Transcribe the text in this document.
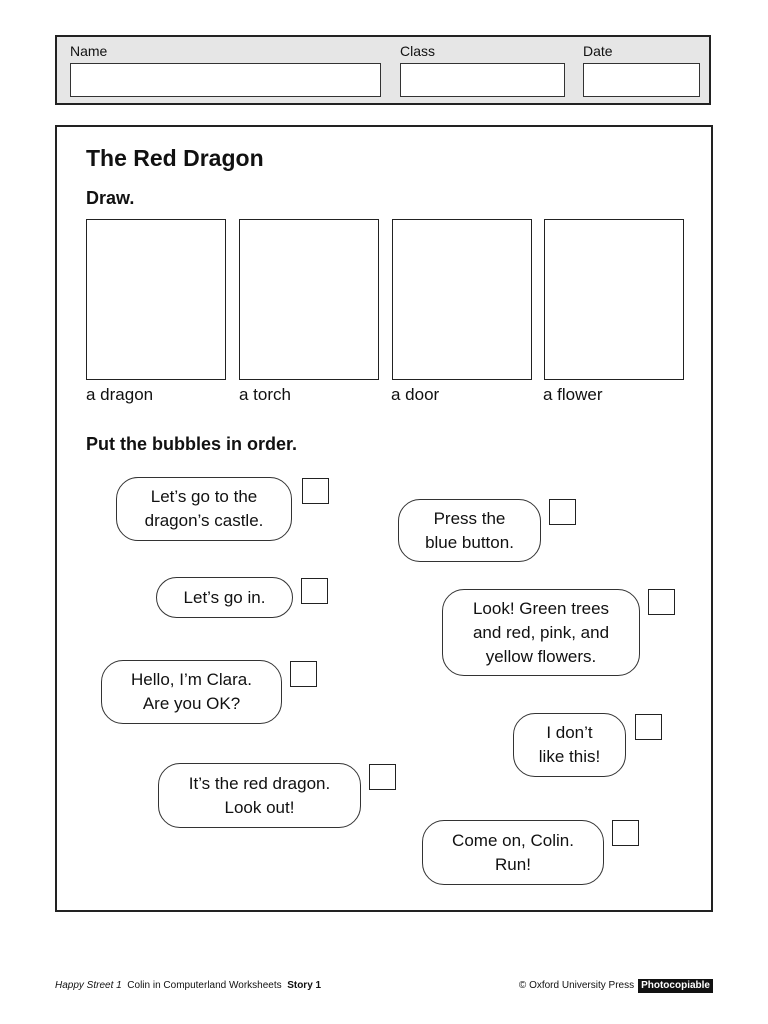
Name	Class	Date
The Red Dragon
Draw.
a dragon	a torch	a door	a flower
Put the bubbles in order.
Let’s go to the
dragon’s castle.	Press the
blue button.
Let’s go in.
Look! Green trees
and red, pink, and
yellow flowers.
Hello, I’m Clara.
Are you OK?
I don’t
like this!
It’s the red dragon.
Look out!
Come on, Colin.
Run!
Happy Street 1 Colin in Computerland Worksheets Story 1	© Oxford University Press Photocopiable
